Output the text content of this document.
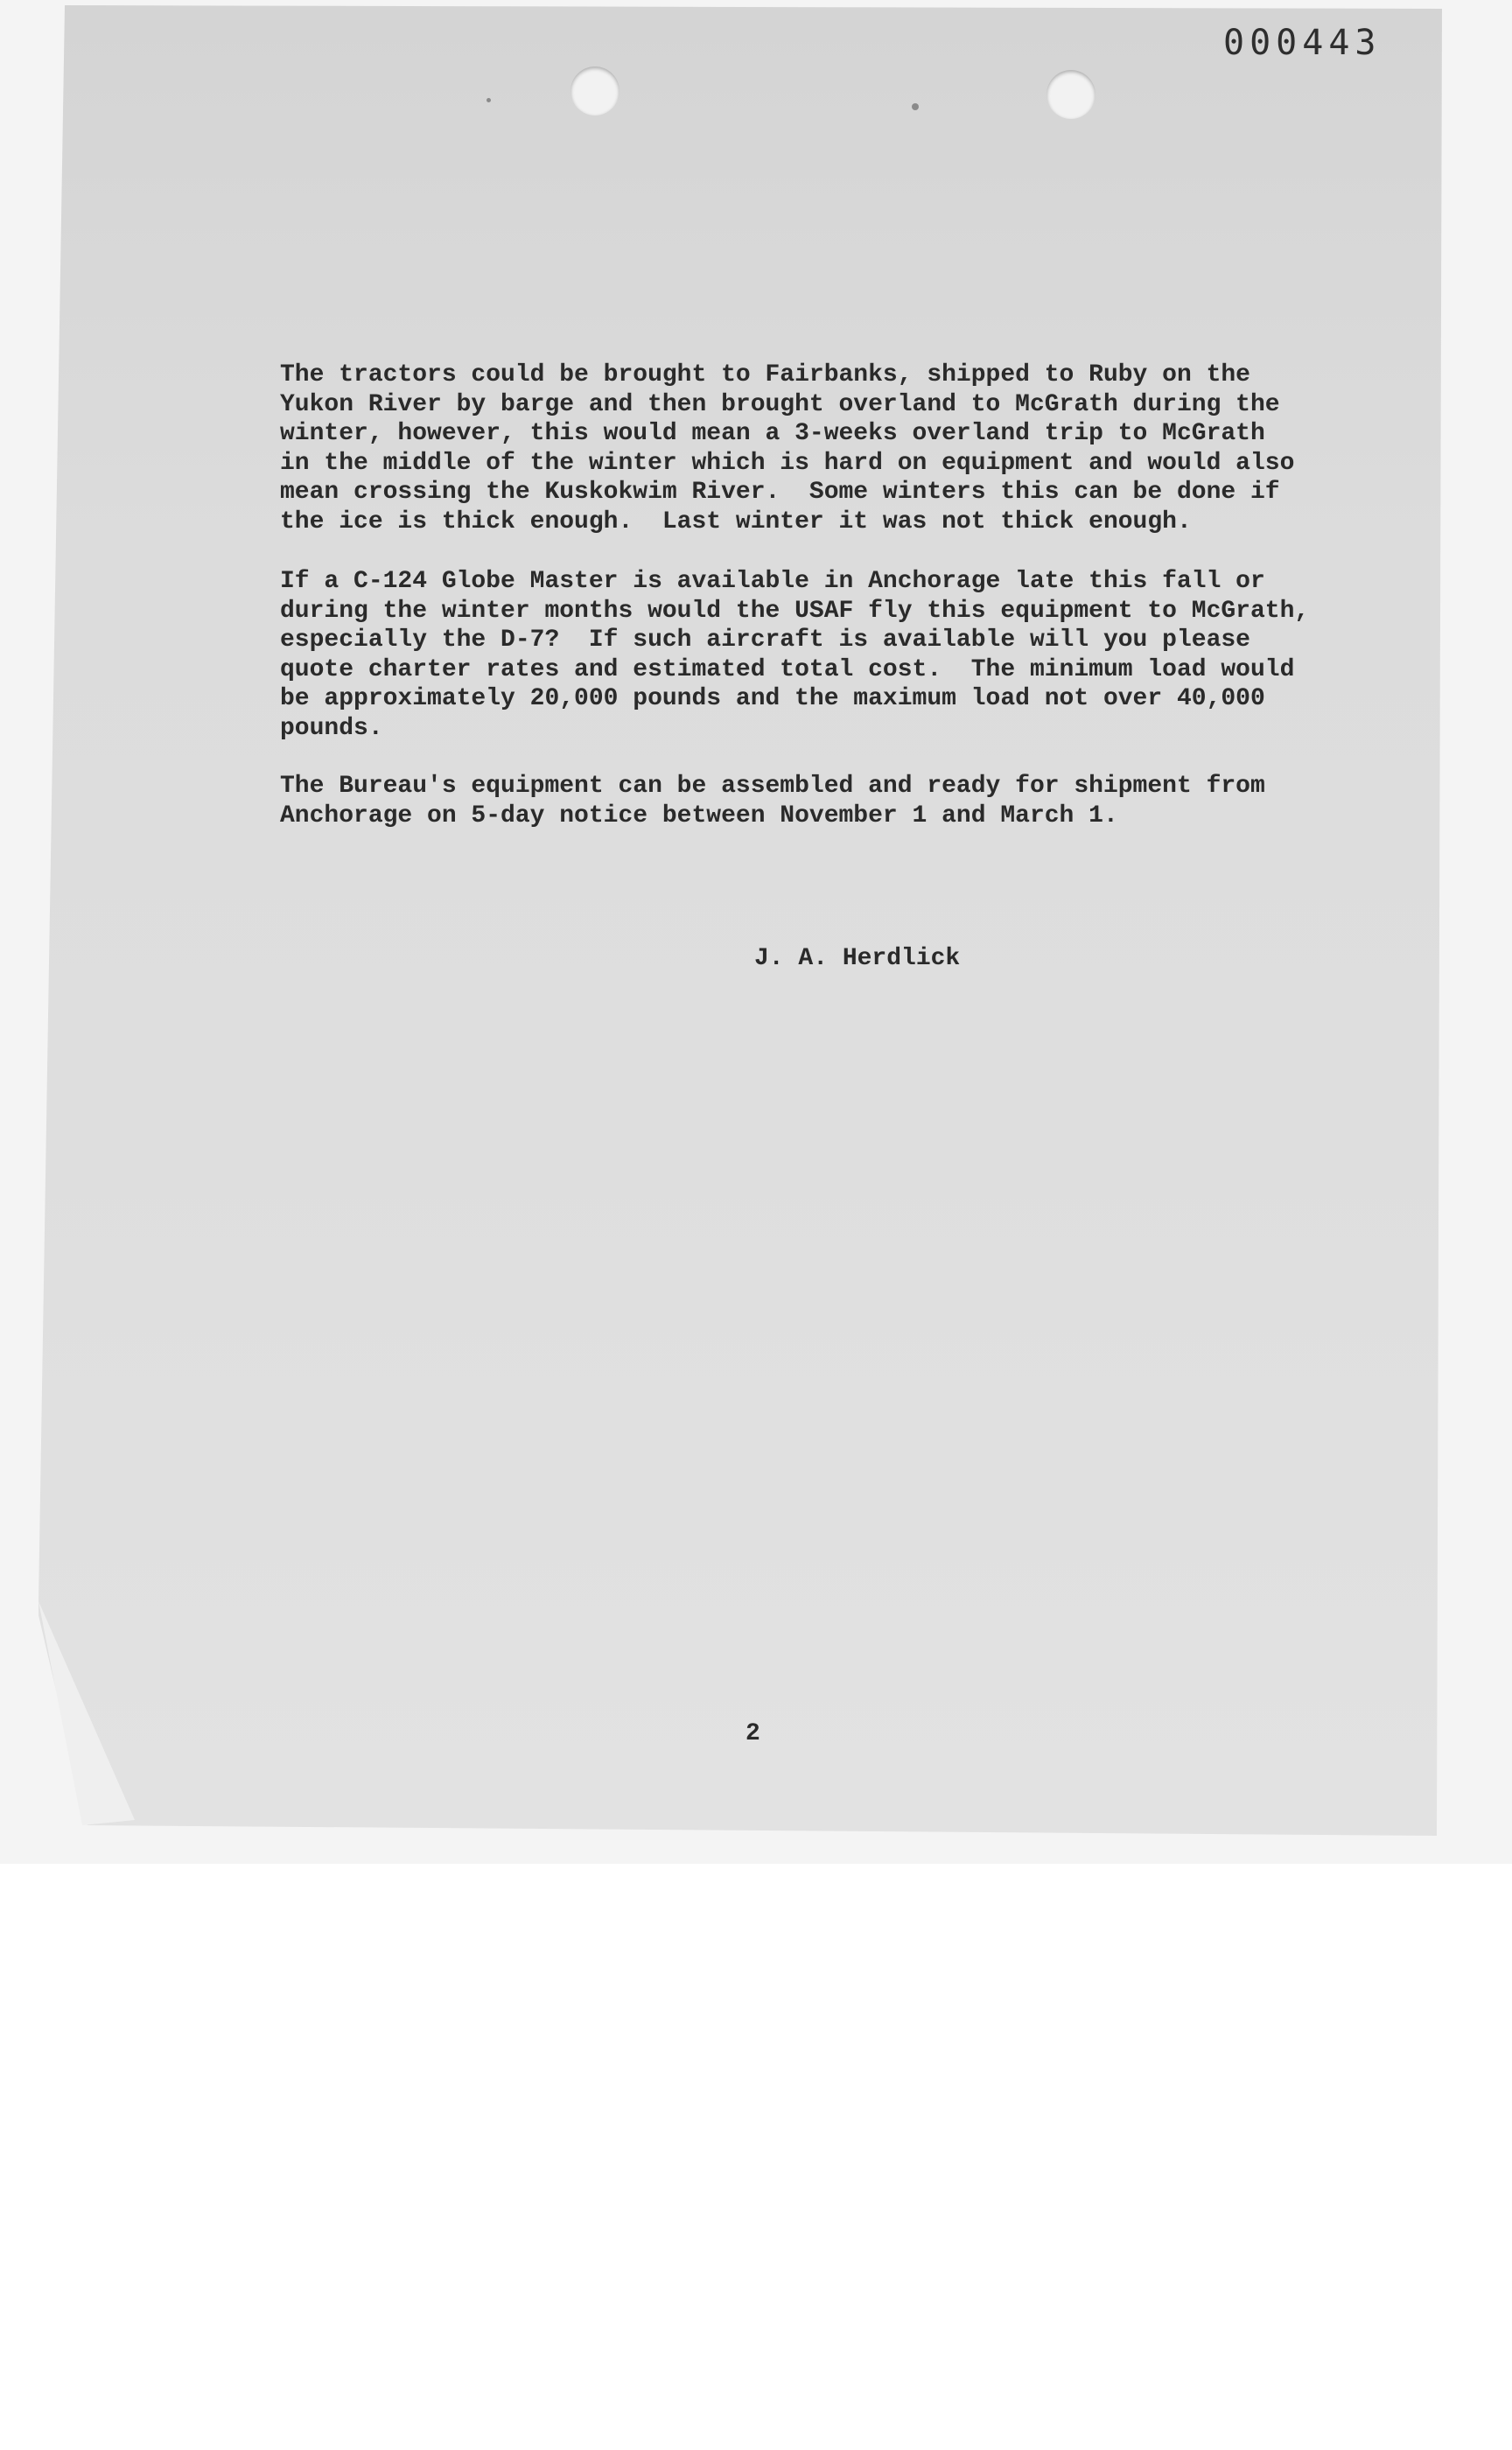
000443
The tractors could be brought to Fairbanks, shipped to Ruby on the
Yukon River by barge and then brought overland to McGrath during the
winter, however, this would mean a 3-weeks overland trip to McGrath
in the middle of the winter which is hard on equipment and would also
mean crossing the Kuskokwim River.  Some winters this can be done if
the ice is thick enough.  Last winter it was not thick enough.
If a C-124 Globe Master is available in Anchorage late this fall or
during the winter months would the USAF fly this equipment to McGrath,
especially the D-7?  If such aircraft is available will you please
quote charter rates and estimated total cost.  The minimum load would
be approximately 20,000 pounds and the maximum load not over 40,000
pounds.
The Bureau's equipment can be assembled and ready for shipment from
Anchorage on 5-day notice between November 1 and March 1.
J. A. Herdlick
2
